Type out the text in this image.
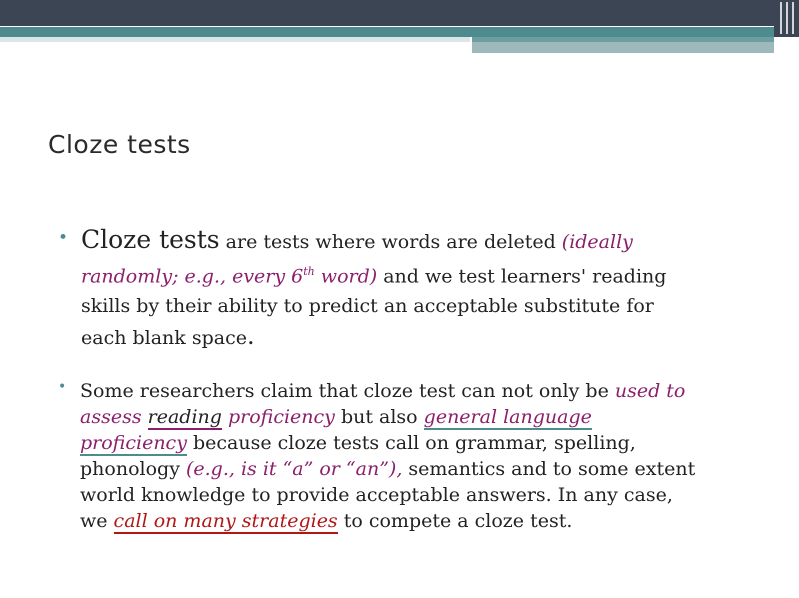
Cloze tests
• Cloze tests are tests where words are deleted (ideally
randomly; e.g., every 6th word) and we test learners' reading
skills by their ability to predict an acceptable substitute for
each blank space.
• Some researchers claim that cloze test can not only be used to
assess reading proficiency but also general language
proficiency because cloze tests call on grammar, spelling,
phonology (e.g., is it “a” or “an”), semantics and to some extent
world knowledge to provide acceptable answers. In any case,
we call on many strategies to compete a cloze test.
